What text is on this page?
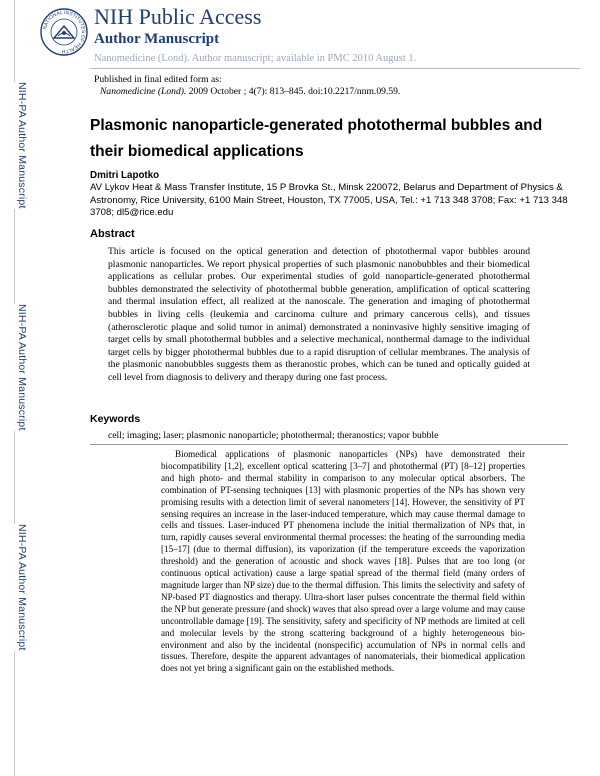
NIH-PA Author Manuscript
NIH-PA Author Manuscript
NIH-PA Author Manuscript
NATIONAL INSTITUTES OF HEALTH
NIH Public Access
Author Manuscript
Nanomedicine (Lond). Author manuscript; available in PMC 2010 August 1.
Published in final edited form as:
Nanomedicine (Lond). 2009 October ; 4(7): 813–845. doi:10.2217/nnm.09.59.
Plasmonic nanoparticle-generated photothermal bubbles and their biomedical applications
Dmitri Lapotko
AV Lykov Heat & Mass Transfer Institute, 15 P Brovka St., Minsk 220072, Belarus and Department of Physics & Astronomy, Rice University, 6100 Main Street, Houston, TX 77005, USA, Tel.: +1 713 348 3708; Fax: +1 713 348 3708; dl5@rice.edu
Abstract

This article is focused on the optical generation and detection of photothermal vapor bubbles around plasmonic nanoparticles. We report physical properties of such plasmonic nanobubbles and their biomedical applications as cellular probes. Our experimental studies of gold nanoparticle-generated photothermal bubbles demonstrated the selectivity of photothermal bubble generation, amplification of optical scattering and thermal insulation effect, all realized at the nanoscale. The generation and imaging of photothermal bubbles in living cells (leukemia and carcinoma culture and primary cancerous cells), and tissues (atherosclerotic plaque and solid tumor in animal) demonstrated a noninvasive highly sensitive imaging of target cells by small photothermal bubbles and a selective mechanical, nonthermal damage to the individual target cells by bigger photothermal bubbles due to a rapid disruption of cellular membranes. The analysis of the plasmonic nanobubbles suggests them as theranostic probes, which can be tuned and optically guided at cell level from diagnosis to delivery and therapy during one fast process.

Keywords
cell; imaging; laser; plasmonic nanoparticle; photothermal; theranostics; vapor bubble

Biomedical applications of plasmonic nanoparticles (NPs) have demonstrated their biocompatibility [1,2], excellent optical scattering [3–7] and photothermal (PT) [8–12] properties and high photo- and thermal stability in comparison to any molecular optical absorbers. The combination of PT-sensing techniques [13] with plasmonic properties of the NPs has shown very promising results with a detection limit of several nanometers [14]. However, the sensitivity of PT sensing requires an increase in the laser-induced temperature, which may cause thermal damage to cells and tissues. Laser-induced PT phenomena include the initial thermalization of NPs that, in turn, rapidly causes several environmental thermal processes: the heating of the surrounding media [15–17] (due to thermal diffusion), its vaporization (if the temperature exceeds the vaporization threshold) and the generation of acoustic and shock waves [18]. Pulses that are too long (or continuous optical activation) cause a large spatial spread of the thermal field (many orders of magnitude larger than NP size) due to the thermal diffusion. This limits the selectivity and safety of NP-based PT diagnostics and therapy. Ultra-short laser pulses concentrate the thermal field within the NP but generate pressure (and shock) waves that also spread over a large volume and may cause uncontrollable damage [19]. The sensitivity, safety and specificity of NP methods are limited at cell and molecular levels by the strong scattering background of a highly heterogeneous bio-environment and also by the incidental (nonspecific) accumulation of NPs in normal cells and tissues. Therefore, despite the apparent advantages of nanomaterials, their biomedical application does not yet bring a significant gain on the established methods.
